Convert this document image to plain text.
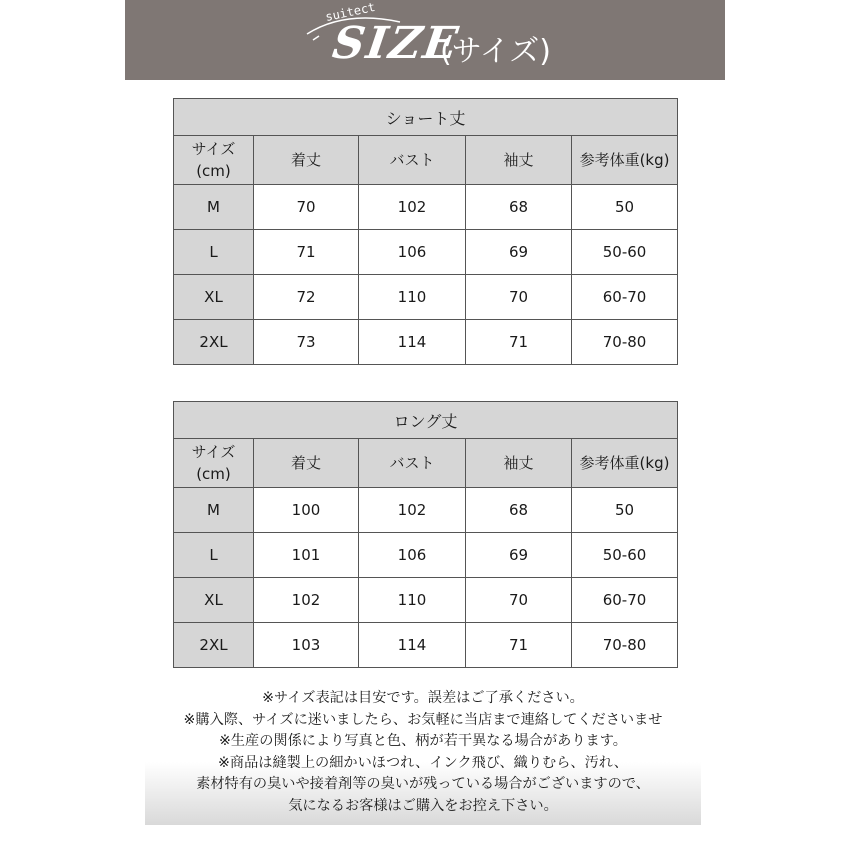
suitect
SIZE
(サイズ)
ショート丈				
サイズ
(cm)	着丈	バスト	袖丈	参考体重(kg)
M	70	102	68	50
L	71	106	69	50-60
XL	72	110	70	60-70
2XL	73	114	71	70-80
ロング丈				
サイズ
(cm)	着丈	バスト	袖丈	参考体重(kg)
M	100	102	68	50
L	101	106	69	50-60
XL	102	110	70	60-70
2XL	103	114	71	70-80
※サイズ表記は目安です。誤差はご了承ください。
※購入際、サイズに迷いましたら、お気軽に当店まで連絡してくださいませ
※生産の関係により写真と色、柄が若干異なる場合があります。
※商品は縫製上の細かいほつれ、インク飛び、織りむら、汚れ、
素材特有の臭いや接着剤等の臭いが残っている場合がございますので、
気になるお客様はご購入をお控え下さい。
